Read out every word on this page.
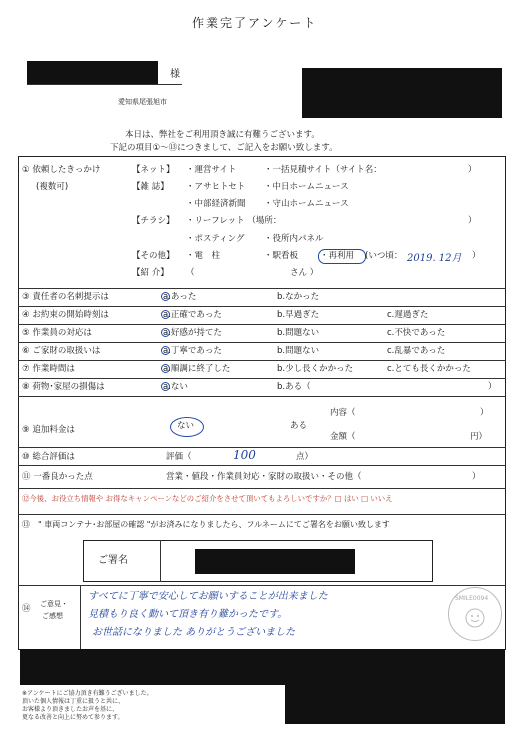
作業完了アンケート
様
愛知県尾張旭市
本日は、弊社をご利用頂き誠に有難うございます。
下記の項目①～⑬につきまして、ご記入をお願い致します。
① 依頼したきっかけ
(複数可)
【ネット】 ・運営サイト	・一括見積サイト（サイト名：	）
【雑 誌】 ・アサヒトセト ・中日ホームニュース
・中部経済新聞 ・守山ホームニュース
【チラシ】 ・リーフレット （場所：	）
・ポスティング ・役所内パネル
【その他】 ・電　柱	・駅看板	・再利用 (いつ頃： 2019. 12月 ）
【紹 介】 （	さん ）
③ 責任者の名刺提示は	a.あった	b.なかった
④ お約束の開始時刻は	a.正確であった	b.早過ぎた	c.遅過ぎた
⑤ 作業員の対応は	a.好感が持てた	b.問題ない	c.不快であった
⑥ ご家財の取扱いは	a.丁寧であった	b.問題ない	c.乱暴であった
⑦ 作業時間は	a.順調に終了した	b.少し長くかかった	c.とても長くかかった
⑧ 荷物･家屋の損傷は	a.ない	b.ある（	）
⑨ 追加料金は	ない	ある
内容（	）
金額（	円）
⑩ 総合評価は	評価（	100	点）
⑪ 一番良かった点	営業・値段・作業員対応・家財の取扱い・その他（	）
⑫今後、お役立ち情報や お得なキャンペーンなどのご紹介をさせて頂いてもよろしいですか？□ はい □ いいえ
⑬　" 車両コンテナ･お部屋の確認 "がお済みになりましたら、フルネームにてご署名をお願い致します
ご署名
⑭ ご意見・
ご感想
すべてに丁寧で安心してお願いすることが出来ました
見積もり良く動いて頂き有り難かったです。
お世話になりました ありがとうございました
SMILE0094
※アンケートにご協力頂き有難うございました。
頂いた個人情報は丁重に扱うと共に、
お客様より頂きましたお声を基に、
更なる改善と向上に努めて参ります。
